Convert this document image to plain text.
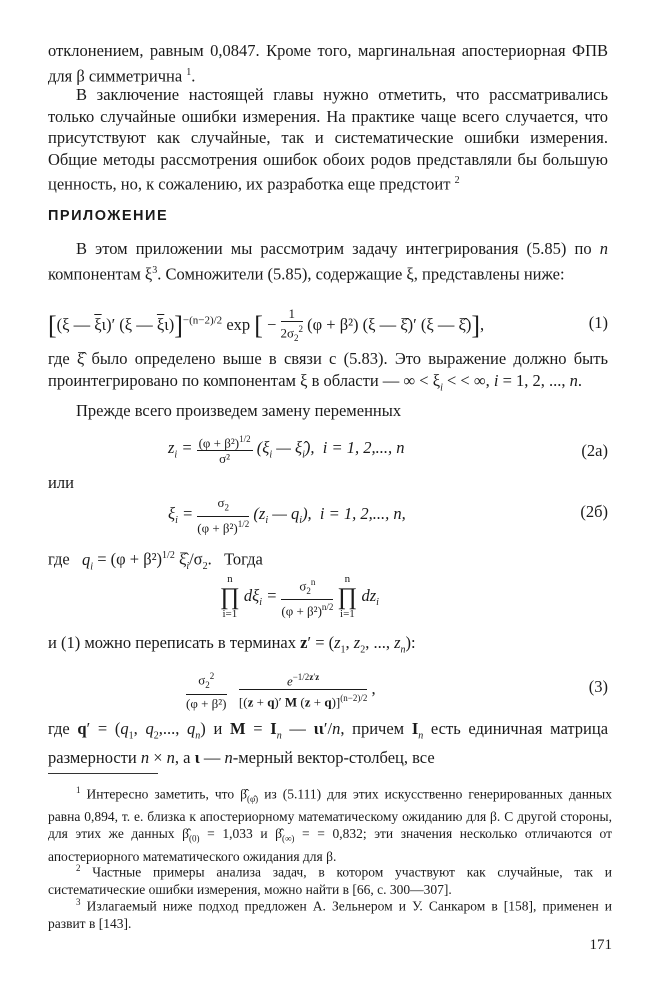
отклонением, равным 0,0847. Кроме того, маргинальная апостериорная ФПВ для β симметрична $^1$.

В заключение настоящей главы нужно отметить, что рассматривались только случайные ошибки измерения. На практике чаще всего случается, что присутствуют как случайные, так и систематические ошибки измерения. Общие методы рассмотрения ошибок обоих родов представляли бы большую ценность, но, к сожалению, их разработка еще предстоит $^2$

ПРИЛОЖЕНИЕ

В этом приложении мы рассмотрим задачу интегрирования (5.85) по n компонентам $\xi^3$. Сомножители (5.85), содержащие ξ, представлены ниже:

[(ξ — $\overline{\xi}\iota)'$ (ξ — $\overline{\xi}\iota)]^{-(n-2)/2}$ exp [ − $\frac{1}{2\sigma_2^2} (\varphi + \beta^2)$ (ξ — ξ̂)′ (ξ — ξ̂)],	(1)

где ξ̂ было определено выше в связи с (5.83). Это выражение должно быть проинтегрировано по компонентам ξ в области — ∞ < $\xi_i$ < < ∞, i = 1, 2, ..., n.

Прежде всего произведем замену переменных

$z_i = \frac{(\varphi + \beta^2)^{1/2}}{\text{σ²}} (\xi_i$ — $\xî_i$),  i = 1, 2,..., n	(2а)
или
$\xi_i = \frac{\sigma_2}{(\varphi + \beta^2)^{1/2}} (z_i$ — $q_i$),  i = 1, 2,..., n,	(2б)
где   $q_i = (\varphi + \beta^2)^{1/2}$ $\xî_i/\sigma_2$.   Тогда
n
∏
i=1
$d\xi_i = \frac{\sigma_2^n}{(\varphi + \beta^2)^{n/2}}$
	n
∏
i=1
$dz_i$
и (1) можно переписать в терминах $z' = (z_1$, $z_2$, ..., $z_n$):
$\frac{\sigma_2^2}{\text{(φ + β²)}}$
$\frac{e^{-1/2z'z}}{[(z + q)' M (z + q)]^{(n-2)/2}}$ ,	(3)

где $q' = (q_1$, $q_2$,..., $q_n$) и $M = I_n$ — ιι′/n, причем $I_n$ есть единичная матрица размерности n × n, а ι — n-мерный вектор-столбец, все

$^1$ Интересно заметить, что $\betâ_{(\varphî)}$ из (5.111) для этих искусственно генерированных данных равна 0,894, т. е. близка к апостериорному математическому ожиданию для β. С другой стороны, для этих же данных $\betâ_{(0)} = 1,033$ и $\betâ_{(\infty)}$ = = 0,832; эти значения несколько отличаются от апостериорного математического ожидания для β.

$^2$ Частные примеры анализа задач, в котором участвуют как случайные, так и систематические ошибки измерения, можно найти в [66, с. 300—307].

$^3$ Излагаемый ниже подход предложен А. Зельнером и У. Санкаром в [158], применен и развит в [143].

171
